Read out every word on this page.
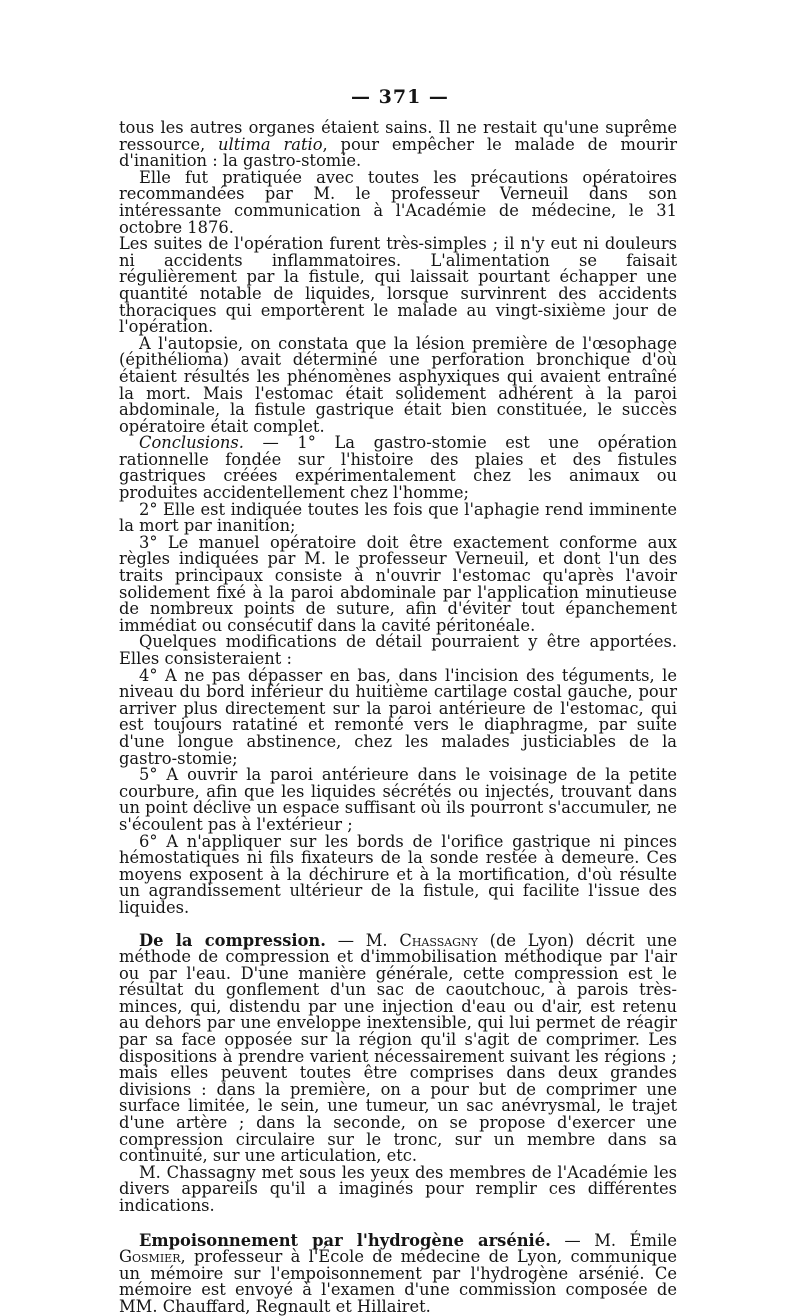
— 371 —

tous les autres organes étaient sains. Il ne restait qu'une suprême ressource, ultima ratio, pour empêcher le malade de mourir d'inanition : la gastro-stomie.

Elle fut pratiquée avec toutes les précautions opératoires recommandées par M. le professeur Verneuil dans son intéressante communication à l'Académie de médecine, le 31 octobre 1876.

Les suites de l'opération furent très-simples ; il n'y eut ni douleurs ni accidents inflammatoires. L'alimentation se faisait régulièrement par la fistule, qui laissait pourtant échapper une quantité notable de liquides, lorsque survinrent des accidents thoraciques qui emportèrent le malade au vingt-sixième jour de l'opération.

A l'autopsie, on constata que la lésion première de l'œsophage (épithélioma) avait déterminé une perforation bronchique d'où étaient résultés les phénomènes asphyxiques qui avaient entraîné la mort. Mais l'estomac était solidement adhérent à la paroi abdominale, la fistule gastrique était bien constituée, le succès opératoire était complet.

Conclusions. — 1° La gastro-stomie est une opération rationnelle fondée sur l'histoire des plaies et des fistules gastriques créées expérimentalement chez les animaux ou produites accidentellement chez l'homme;

2° Elle est indiquée toutes les fois que l'aphagie rend imminente la mort par inanition;

3° Le manuel opératoire doit être exactement conforme aux règles indiquées par M. le professeur Verneuil, et dont l'un des traits principaux consiste à n'ouvrir l'estomac qu'après l'avoir solidement fixé à la paroi abdominale par l'application minutieuse de nombreux points de suture, afin d'éviter tout épanchement immédiat ou consécutif dans la cavité péritonéale.

Quelques modifications de détail pourraient y être apportées. Elles consisteraient :

4° A ne pas dépasser en bas, dans l'incision des téguments, le niveau du bord inférieur du huitième cartilage costal gauche, pour arriver plus directement sur la paroi antérieure de l'estomac, qui est toujours ratatiné et remonté vers le diaphragme, par suite d'une longue abstinence, chez les malades justiciables de la gastro-stomie;

5° A ouvrir la paroi antérieure dans le voisinage de la petite courbure, afin que les liquides sécrétés ou injectés, trouvant dans un point déclive un espace suffisant où ils pourront s'accumuler, ne s'écoulent pas à l'extérieur ;

6° A n'appliquer sur les bords de l'orifice gastrique ni pinces hémostatiques ni fils fixateurs de la sonde restée à demeure. Ces moyens exposent à la déchirure et à la mortification, d'où résulte un agrandissement ultérieur de la fistule, qui facilite l'issue des liquides.

De la compression. — M. Chassagny (de Lyon) décrit une méthode de compression et d'immobilisation méthodique par l'air ou par l'eau. D'une manière générale, cette compression est le résultat du gonflement d'un sac de caoutchouc, à parois très-minces, qui, distendu par une injection d'eau ou d'air, est retenu au dehors par une enveloppe inextensible, qui lui permet de réagir par sa face opposée sur la région qu'il s'agit de comprimer. Les dispositions à prendre varient nécessairement suivant les régions ; mais elles peuvent toutes être comprises dans deux grandes divisions : dans la première, on a pour but de comprimer une surface limitée, le sein, une tumeur, un sac anévrysmal, le trajet d'une artère ; dans la seconde, on se propose d'exercer une compression circulaire sur le tronc, sur un membre dans sa continuité, sur une articulation, etc.

M. Chassagny met sous les yeux des membres de l'Académie les divers appareils qu'il a imaginés pour remplir ces différentes indications.

Empoisonnement par l'hydrogène arsénié. — M. Émile Gosmier, professeur à l'École de médecine de Lyon, communique un mémoire sur l'empoisonnement par l'hydrogène arsénié. Ce mémoire est envoyé à l'examen d'une commission composée de MM. Chauffard, Regnault et Hillairet.
